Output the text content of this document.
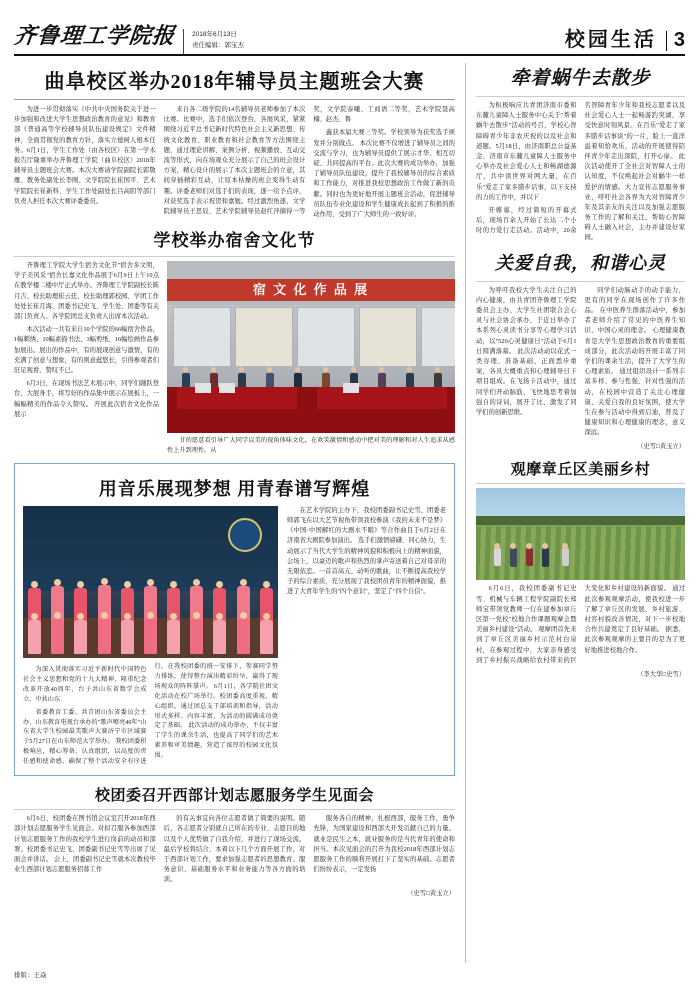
齐鲁理工学院报 2018年6月13日
责任编辑：郭宝杰	校园生活 3
曲阜校区举办2018年辅导员主题班会大赛

为进一步贯彻落实《中共中央国务院关于进一步加强和改进大学生思想政治教育的意见》和教育部《普通高等学校辅导员队伍建设规定》文件精神，全面贯彻党的教育方针，落实立德树人根本任务。6月1日，学生工作处（由各校区）在第一学术报告厅隆重举办齐鲁理工学院（曲阜校区）2018年辅导员主题班会大赛。本次大赛请学院副院长郭敬雁、教务处副处长李刚、文学院院长崔国平、艺术学院院长崔新科、学生工作处副处长吕高阳等部门负责人担任本次大赛评委委员。

来自各二级学院的14名辅导员老师参加了本次比赛。比赛中，选手们依次登台，各展风采，紧紧围绕习近平总书记新时代特色社会主义新思想、传统文化教育、职业教育和社会教育等方法围绕主题，通过理论讲解、案例分析、视频播放、互动交流等形式，向在场观众充分展示了自己的班会设计方案，精心设计的展示了本次主题班会的立意，其间穿插精彩互动，让原本枯燥的班会变得生动有趣。评委老师们对选手们的表现，逐一给予点评，对获奖选手表示祝贺和嘉勉。经过激烈角逐，文学院辅导员王思辰、艺术学院辅导员赵红萍摘得一等奖，文学院泰曦、工商语二等奖，艺术学院聂高楠、赵杰、鲁

鑫获本届大赛三等奖。学校领导为获奖选手颁发并分别做点。 本次比赛不仅增进了辅导员之间的交流与学习，也为辅导员提供了展示才华、相互切磋、共同提高的平台。此次大赛的成功举办，加强了辅导员队伍建设，提升了我校辅导员的综合素质和工作能力，对推进我校思想政治工作做了新的贡献。同时也为更好地开展主题班会活动，促进辅导员队伍专业化建设和学生健康成长起到了积极的推动作用，受到了广大师生的一致好评。

学校举办宿舍文化节

齐鲁理工学院大学生宿舍文化节"宿舍多文明，学子美风采"宿舍长嘉文化作品展于6月9日上午10点在教学楼二楼中厅正式举办。齐鲁理工学院副校长陈月吉、校长助理崔云廷、校长助理郭校园、学团工作处处长崔月海、团委书记史飞、学生处、团委等有关部门负责人、各学院团总支负责人出席本次活动。

本次活动一共有来自10个学院的66幅宿舍作品，1幅刺绣、10幅素描书法、3幅剪纸、16幅绘画作品参加展出。展出的作品中，有的展现创意与激情，有的充满了创意与想象，有的则意蕴悠长，引得参观者们驻足观看、赞叹不已。

6月3日，在现场书法艺术展示中，同学们踊跃登台，大展身手，将写好的作品集中展示在展板上，一幅幅精美的作品令人赞叹。 开展此次宿舍文化作品展示

宿 文 化 作 品 展

甘的愿意看引导广大同学以美的视角体味文化，在欢笑激情和感动中把对美的理解和对人生追求从感性上升到理性。从

用音乐展现梦想 用青春谱写辉煌

为深入贯彻落实习近平新时代中国特色社会主义思想和党的十九大精神，隆重纪念改革开放40周年、台子共山东省数学会成立，中共山东

省委教育工委、共青团山东省委员会主办、山东教育电视台承办的"歌声嘹亮40年"山东省大学生校园最美歌声大赛济宁市区域赛于5月27日在山东师范大学举办。 我校团委积极响应，精心筹备、认真组织，以高度的责任感和使命感，确保了整个活动安全有序进行。在我校团委的统一安排下，参赛同学努力排练，使得整台演出精彩纷呈，赢得了现场观众的阵阵掌声。 6月1日，各学院社团文化活动在校广场举行。校团委高度重视、精心组织，通过团总支干部培训和指导，活动形式多样、内容丰富，为活动的圆满成功奠定了基础。 此次活动的成功举办，不仅丰富了学生的课余生活，也提高了同学们的艺术素养和审美情趣，营造了浓厚的校园文化氛围。

在艺术学院的主办下，我校团委副书记史雪、团委老师郭飞在以大艺节视角带领我校参演《我的未来不是梦》《中国·中国解红的大剧永不眠》等合作曲目于6月2日在济南省大剧院参加演出。 选手们激情磅礴、同心协力，生动展示了当代大学生的精神风貌和积极向上的精神面貌，会场上，以豪迈的歌声和热烈的掌声寄送着自己对母亲的无限依恋。一首首高亢、动听的歌曲，让不断提高我校学子的综合素质，充分展现了我校团员青年的精神面貌，推进了大青年学生的"四个意识"，坚定了"四个自信"。

校团委召开西部计划志愿服务学生见面会

6月6日，校团委在图书馆会议室召开2018年西部计划志愿服务学生见面会。对拟召服各参加西部计划志愿服务工作的我校学生进行岗前的动员和部署。校团委书记史飞、团委副书记史雪等出席了见面会并讲话。 会上，团委副书记史雪就本次教校毕业生西部计划志愿服务招募工作

的有关事宜向各位志愿者做了简要的说明。随后，各志愿者分别就自己所在的专业、志愿目的地以及个人优势做了自我介绍，并进行了现场交流。最后学校将结合、本着以下几个方面开展工作，对于西部计划工作，要求加强志愿者的思想教育、服务意识、基础服务水平和业务能力等各方面的培训。

服务各自的精神，扎根西部，服务工作，勇争先锋，为国家建设和西部大开发贡献自己的力量。 就业是民生之本，就业服务的是当代青年的使命和担当。本次见面会的召开为我校2018年西部计划志愿服务工作的顺利开展打下了坚实的基础。志愿者们纷纷表示，一定发扬

（史雪□黄玉立）

牵着蜗牛去散步

为积极响应共青团济南市委和东麓儿童障人士服务中心关于"帮着蜗牛去散步"活动的号召，学校心智障碍青少年非农庆祝的以及社会和道题。5月18日，由济南职总公益基金、济南市东麓儿童障人士服务中心举办及社会爱心人士和畅湖德源厅，共中读世界对网大量，在百乐"爱走了家多腊步话事，以下支持的力的工作中，并以下

开帷幕，经过简短的开幕式后，现场百余人开始了长达二个小时的方爱行走活动。活动中，20余名智障青年少年和我校志愿者以及社会爱心人士一起畅游趵突湖，享受快意时刻风景。在百乐"爱走了家多腊步话事谈"的一片，脸上一直洋溢着知恰欢乐，活动的开展使得陪伴青少年走出深院，打开心扉。 此次活动使开了全社会对智障人士的认知度，不仅唤起社会对蜗牛一样爱护的情感。大力宣传志愿服务事业，呼吁社会各界为大对智障青少年及其亲友的关注以及加强志愿服务工作的了解和关注，帮助心智障碍人士融入社会，主办并建设好家园。

关爱自我，和谐心灵

为呼吁我校大学生关注自己的内心健康，由共青团齐鲁理工学院委员会主办、大学生社团联合会心灵与社会协会承办，于近日举办了本系列心灵读书分享等心理学习活动，以"520心灵健康日"活动于6月1日圆满落幕。 此次活动动以花式一类谷理、准备基础，正面悉步重案，各具大概重点和心理辅导日下项目组成。在飞扬卡活动中，通过同学们开动脑筋，飞快地思考着加强自的诗词，展开了比、激发了同学们的创新思维。

同学们动脑动手的动手能力，更有的同学在现场创作了许多作品。 在中医养生群落活动中，参加者老师介绍了常见的中医养生知识、中国心灵的理念。 心理健康教育是大学生思想政治教育的重要组成部分，此次活动的开展丰富了同学们的课余生活，提升了大学生的心理素质。 通过组织设计一系列丰富多样、参与性强、针对性强的活动，在校园中营造了关注心理健康、关爱自我的良好氛围，使大学生在参与活动中得到启迪，普及了健康知识和心理健康的理念，意义深远。

（史雪□黄玉立）

观摩章丘区美丽乡村

6月6日，我校团委副书记史雪、机械与车辆工程学院副院长郑师宝带领党教师一行在建参加章丘区第一党校"校地合作课题观摩会暨美丽乡村建设"活动。 观摩团首先来到了章丘区美丽乡村示范村白泉村，在参观过程中，大家亲身感受到了乡村振兴战略给农村带来的巨大变化和乡村建设的新面貌。 通过此次参观观摩活动，使我校进一步了解了章丘区的发展，乡村旅游、村容村貌改善情况，对下一步校地合作共建奠定了良好基础。 据悉，此次参观观摩的主要目的是为了更好地推进校地合作。

（李大华□史雪）

排版：王焱
